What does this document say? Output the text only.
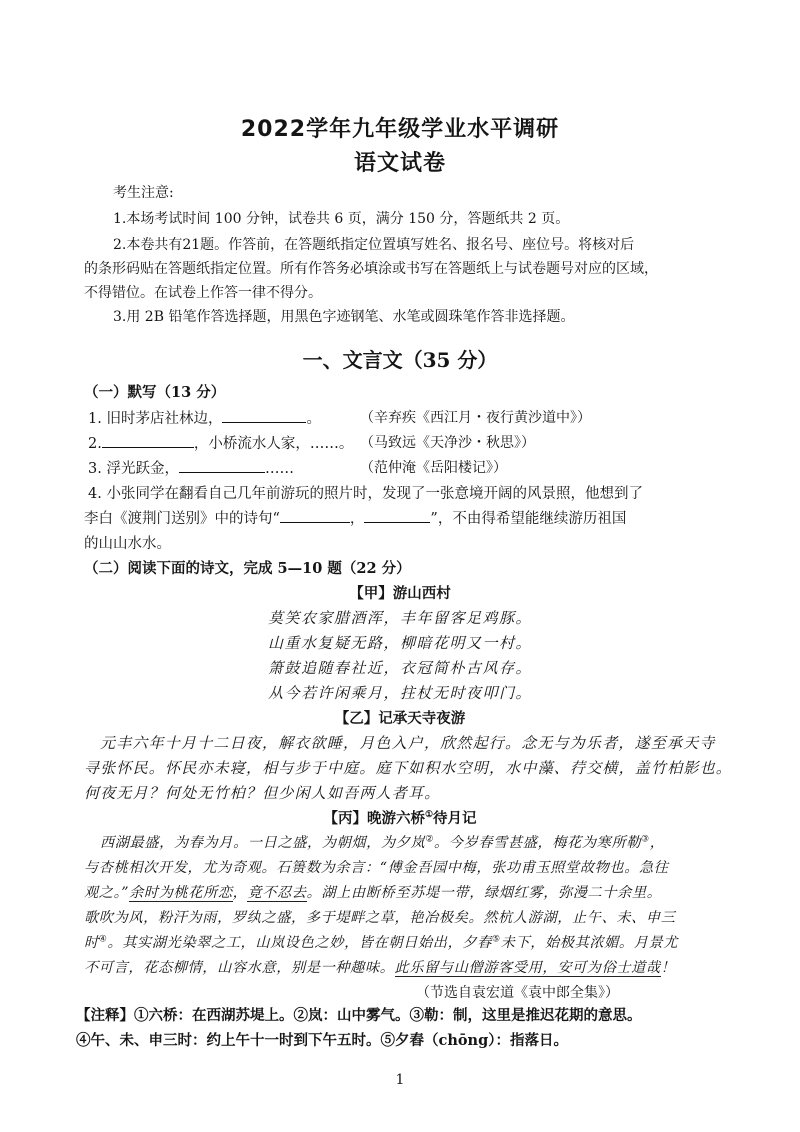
2022学年九年级学业水平调研
语文试卷
考生注意:
1.本场考试时间 100 分钟，试卷共 6 页，满分 150 分，答题纸共 2 页。
2.本卷共有21题。作答前，在答题纸指定位置填写姓名、报名号、座位号。将核对后
的条形码贴在答题纸指定位置。所有作答务必填涂或书写在答题纸上与试卷题号对应的区域，
不得错位。在试卷上作答一律不得分。
3.用 2B 铅笔作答选择题，用黑色字迹钢笔、水笔或圆珠笔作答非选择题。
一、文言文（35 分）
（一）默写（13 分）
1. 旧时茅店社林边，	。	（辛弃疾《西江月・夜行黄沙道中》）
2.	，小桥流水人家，……。 （马致远《天净沙・秋思》）
3. 浮光跃金，	……	（范仲淹《岳阳楼记》）
4. 小张同学在翻看自己几年前游玩的照片时，发现了一张意境开阔的风景照，他想到了
李白《渡荆门送别》中的诗句“	，	”，不由得希望能继续游历祖国
的山山水水。
（二）阅读下面的诗文，完成 5—10 题（22 分）
【甲】游山西村
莫笑农家腊酒浑，丰年留客足鸡豚。
山重水复疑无路，柳暗花明又一村。
箫鼓追随春社近，衣冠简朴古风存。
从今若许闲乘月，拄杖无时夜叩门。
【乙】记承天寺夜游
元丰六年十月十二日夜，解衣欲睡，月色入户，欣然起行。念无与为乐者，遂至承天寺
寻张怀民。怀民亦未寝，相与步于中庭。庭下如积水空明，水中藻、荇交横，盖竹柏影也。
何夜无月？何处无竹柏？但少闲人如吾两人者耳。
【丙】晚游六桥①待月记
西湖最盛，为春为月。一日之盛，为朝烟，为夕岚②。今岁春雪甚盛，梅花为寒所勒③，
与杏桃相次开发，尤为奇观。石篑数为余言：“傅金吾园中梅，张功甫玉照堂故物也。急往
观之。”余时为桃花所恋，竟不忍去。湖上由断桥至苏堤一带，绿烟红雾，弥漫二十余里。
歌吹为风，粉汗为雨，罗纨之盛，多于堤畔之草，艳冶极矣。然杭人游湖，止午、未、申三
时④。其实湖光染翠之工，山岚设色之妙，皆在朝日始出，夕舂⑤未下，始极其浓媚。月景尤
不可言，花态柳情，山容水意，别是一种趣味。此乐留与山僧游客受用，安可为俗士道哉！
（节选自袁宏道《袁中郎全集》）
【注释】①六桥：在西湖苏堤上。②岚：山中雾气。③勒：制，这里是推迟花期的意思。
④午、未、申三时：约上午十一时到下午五时。⑤夕舂（chōng）：指落日。
1
